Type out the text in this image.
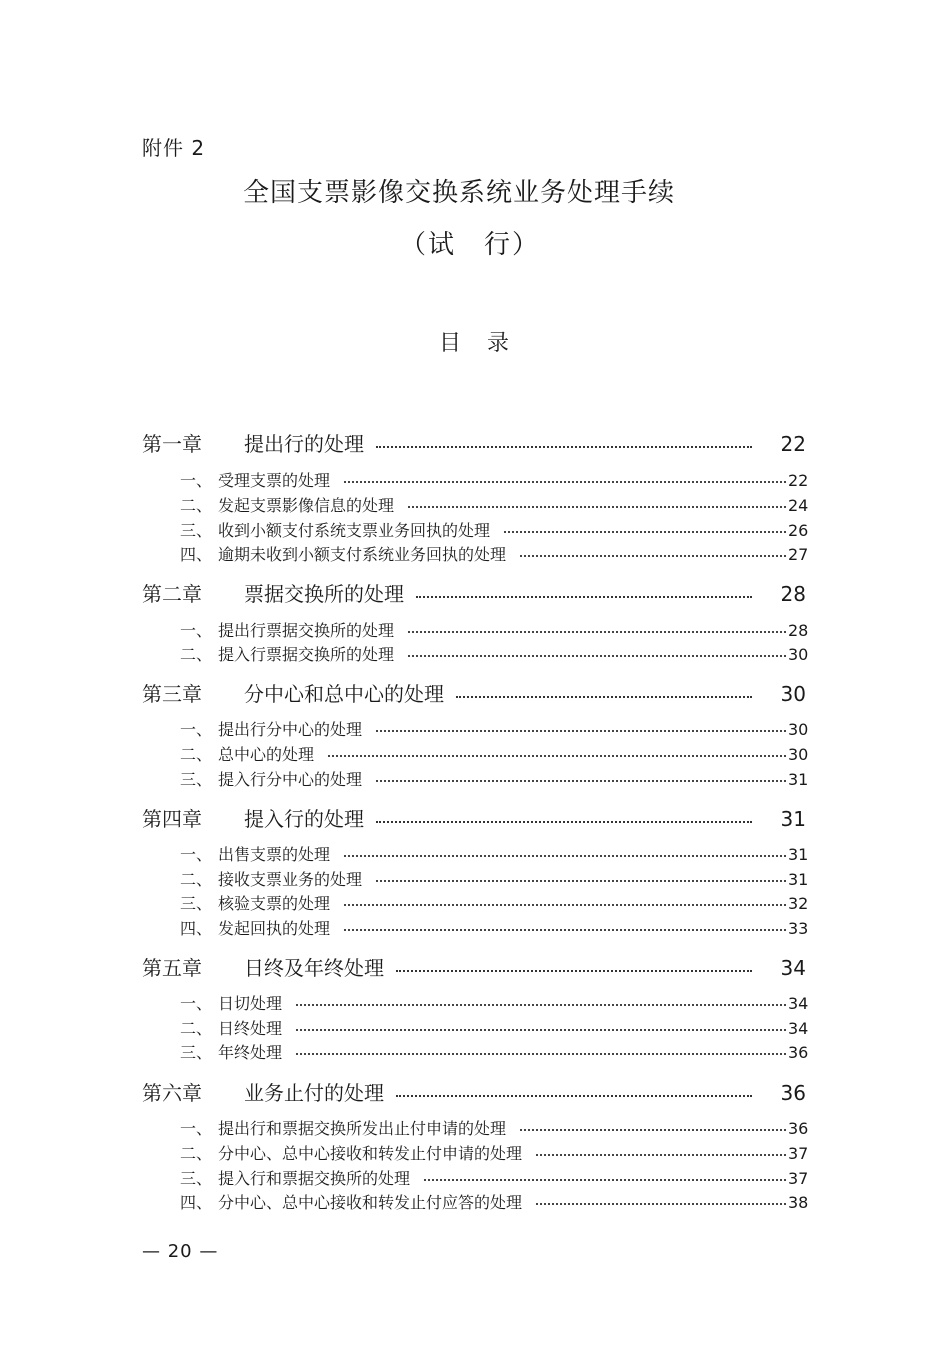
附件 2
全国支票影像交换系统业务处理手续
（试　行）
目　录
第一章	提出行的处理	22
一、 受理支票的处理	22
二、 发起支票影像信息的处理	24
三、 收到小额支付系统支票业务回执的处理	26
四、 逾期未收到小额支付系统业务回执的处理	27
第二章	票据交换所的处理	28
一、 提出行票据交换所的处理	28
二、 提入行票据交换所的处理	30
第三章	分中心和总中心的处理	30
一、 提出行分中心的处理	30
二、 总中心的处理	30
三、 提入行分中心的处理	31
第四章	提入行的处理	31
一、 出售支票的处理	31
二、 接收支票业务的处理	31
三、 核验支票的处理	32
四、 发起回执的处理	33
第五章	日终及年终处理	34
一、 日切处理	34
二、 日终处理	34
三、 年终处理	36
第六章	业务止付的处理	36
一、 提出行和票据交换所发出止付申请的处理	36
二、 分中心、总中心接收和转发止付申请的处理	37
三、 提入行和票据交换所的处理	37
四、 分中心、总中心接收和转发止付应答的处理	38
— 20 —
